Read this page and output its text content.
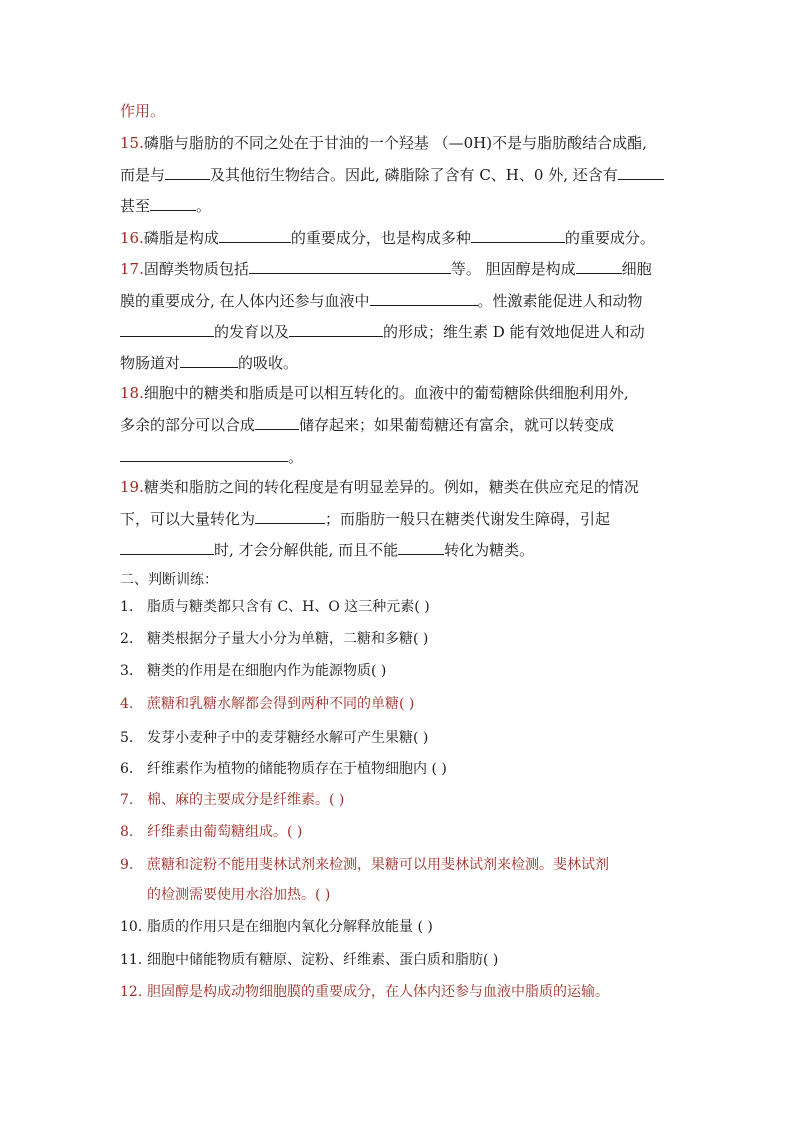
作用。
15.磷脂与脂肪的不同之处在于甘油的一个羟基 （—0H)不是与脂肪酸结合成酯,
而是与	及其他衍生物结合。因此, 磷脂除了含有 C、H、0 外, 还含有
甚至	。
16.磷脂是构成	的重要成分，也是构成多种	的重要成分。
17.固醇类物质包括	等。 胆固醇是构成	细胞
膜的重要成分, 在人体内还参与血液中	。性激素能促进人和动物
的发育以及	的形成；维生素 D 能有效地促进人和动
物肠道对	的吸收。
18.细胞中的糖类和脂质是可以相互转化的。血液中的葡萄糖除供细胞利用外,
多余的部分可以合成	储存起来；如果葡萄糖还有富余，就可以转变成
。
19.糖类和脂肪之间的转化程度是有明显差异的。例如，糖类在供应充足的情况
下，可以大量转化为	；而脂肪一般只在糖类代谢发生障碍，引起
时, 才会分解供能, 而且不能	转化为糖类。
二、判断训练：
1. 脂质与糖类都只含有 C、H、O 这三种元素( )
2. 糖类根据分子量大小分为单糖，二糖和多糖( )
3. 糖类的作用是在细胞内作为能源物质( )
4. 蔗糖和乳糖水解都会得到两种不同的单糖( )
5. 发芽小麦种子中的麦芽糖经水解可产生果糖( )
6. 纤维素作为植物的储能物质存在于植物细胞内 ( )
7. 棉、麻的主要成分是纤维素。( )
8. 纤维素由葡萄糖组成。( )
9. 蔗糖和淀粉不能用斐林试剂来检测，果糖可以用斐林试剂来检测。斐林试剂
的检测需要使用水浴加热。( )
10. 脂质的作用只是在细胞内氧化分解释放能量 ( )
11. 细胞中储能物质有糖原、淀粉、纤维素、蛋白质和脂肪( )
12. 胆固醇是构成动物细胞膜的重要成分，在人体内还参与血液中脂质的运输。
